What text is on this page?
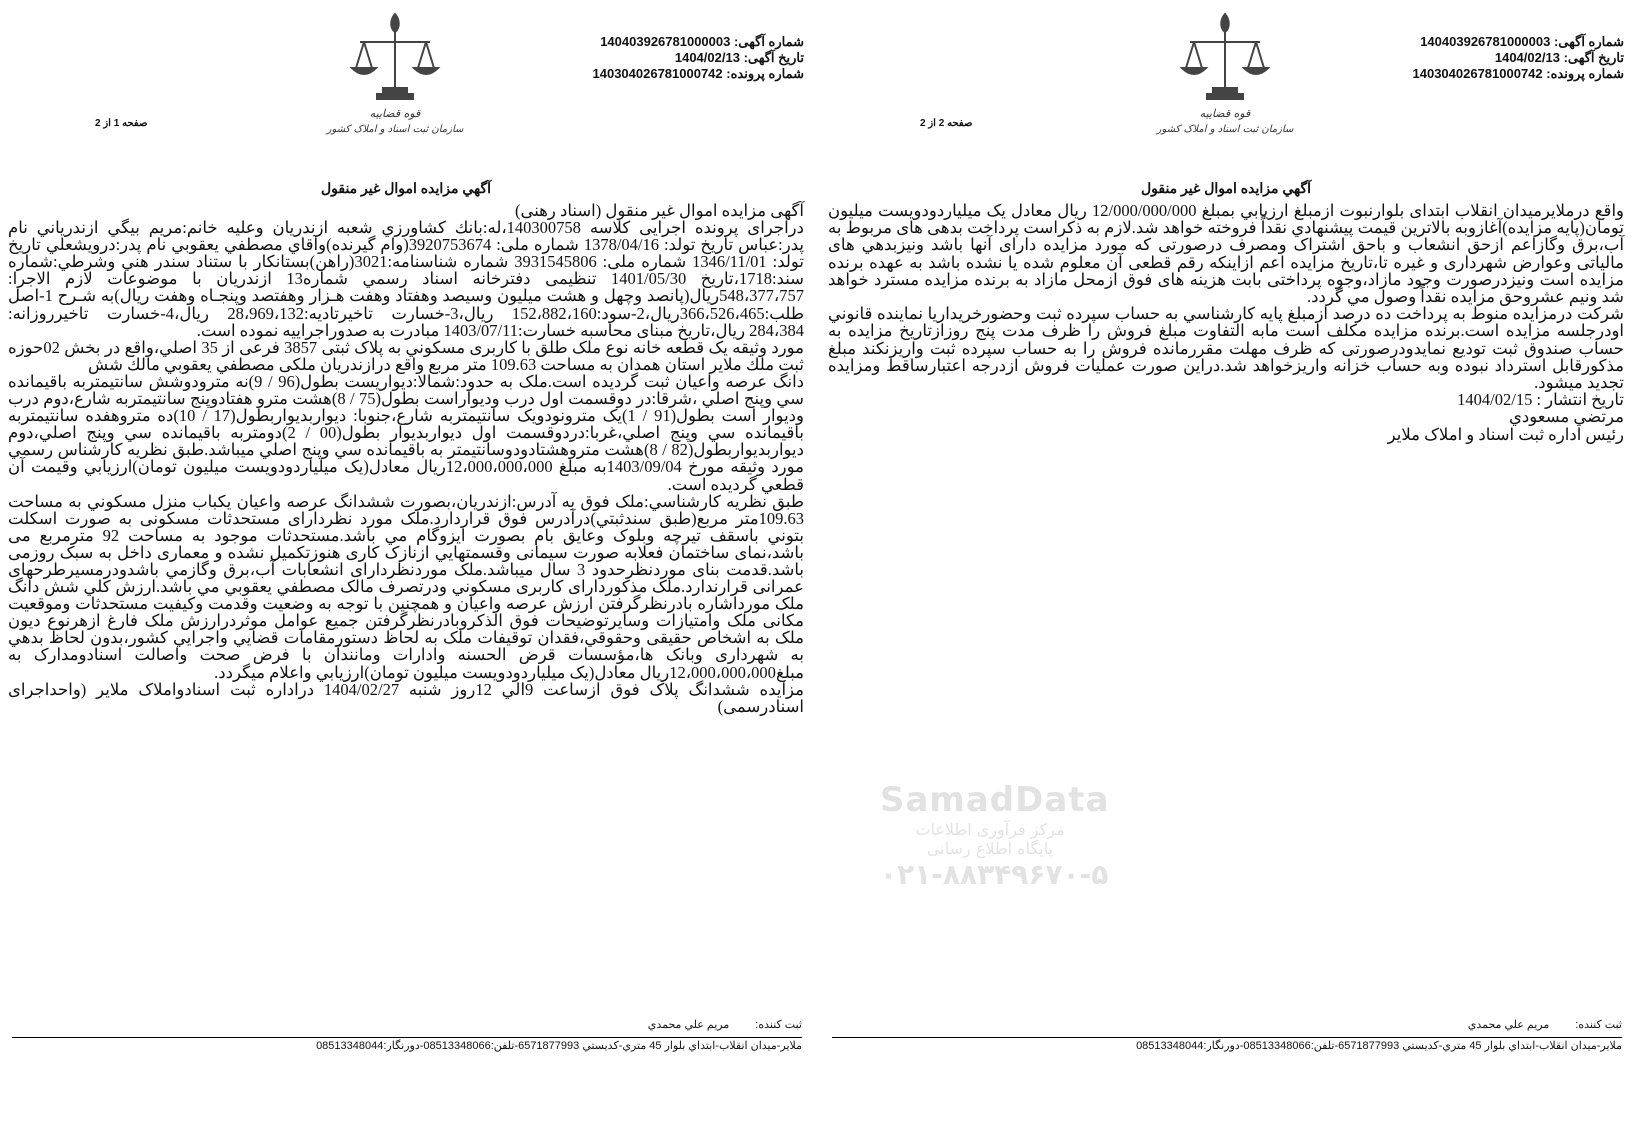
شماره آگهی: 140403926781000003
تاریخ آگهی: 1404/02/13
شماره پرونده: 140304026781000742
قوه قضاییه
سازمان ثبت اسناد و املاک کشور
صفحه 1 از 2
آگهي مزايده اموال غير منقول

آگهی مزایده اموال غیر منقول (اسناد رهنی)

دراجرای پرونده اجرایی کلاسه 140300758،له:بانك كشاورزي شعبه ازندريان وعليه خانم:مريم بيگي ازندرياني نام پدر:عباس تاريخ تولد: 1378/04/16 شماره ملی: 3920753674(وام گيرنده)وآقاي مصطفي يعقوبي نام پدر:درويشعلي تاريخ تولد: 1346/11/01 شماره ملی: 3931545806 شماره شناسنامه:3021(راهن)بستانكار با ستناد سندر هني وشرطي:شماره سند:1718،تاريخ 1401/05/30 تنظيمی دفترخانه اسناد رسمي شماره13 ازندريان با موضوعات لازم الاجرا: 548،377،757ريال(پانصد وچهل و هشت ميليون وسيصد وهفتاد وهفت هـزار وهفتصد وپنجـاه وهفت ريال)به شـرح 1-اصل طلب:366،526،465ريال،2-سود:152،882،160 ريال،3-خسارت تاخيرتاديه:28،969،132 ريال،4-خسارت تاخيرروزانه: 284،384 ريال،تاريخ مبنای محاسبه خسارت:1403/07/11 مبادرت به صدوراجراييه نموده است.

مورد وثيقه يک قطعه خانه نوع ملک طلق با کاربری مسکوني به پلاک ثبتی 3857 فرعی از 35 اصلي،واقع در بخش 02حوزه ثبت ملك ملاير استان همدان به مساحت 109.63 متر مربع واقع درازندريان ملكی مصطفي يعقوبي مالك شش

دانگ عرصه واعيان ثبت گرديده است.ملک به حدود:شمالا:ديواريست بطول(96 / 9)نه مترودوشش سانتيمتربه باقيمانده سي وپنج اصلي ،شرقا:در دوقسمت اول درب وديواراست بطول(75 / 8)هشت مترو هفتادوپنج سانتيمتربه شارع،دوم درب وديوار است بطول(91 / 1)يک مترونودويک سانتيمتربه شارع،جنوبا: ديواربديواربطول(17 / 10)ده متروهفده سانتيمتربه باقيمانده سي وپنج اصلي،غربا:دردوقسمت اول ديواربديوار بطول(00 / 2)دومتربه باقيمانده سي وپنج اصلي،دوم ديواربديواربطول(82 / 8)هشت متروهشتادودوسانتيمتر به باقيمانده سي وپنج اصلي ميباشد.طبق نظريه كارشناس رسمي مورد وثيقه مورخ 1403/09/04به مبلغ 12،000،000،000ريال معادل(يک ميلياردودويست ميليون تومان)ارزيابي وقيمت آن قطعي گرديده است.

طبق نظريه كارشناسي:ملک فوق به آدرس:ازندريان،بصورت ششدانگ عرصه واعيان يكباب منزل مسكوني به مساحت 109.63متر مربع(طبق سندثبتي)درآدرس فوق قراردارد.ملک مورد نظردارای مستحدثات مسکونی به صورت اسكلت بتوني باسقف تيرچه وبلوک وعايق بام بصورت ايزوگام مي باشد.مستحدثات موجود به مساحت 92 مترمربع می باشد،نمای ساختمان فعلابه صورت سيمانی وقسمتهايي ازنازک کاری هنوزتکميل نشده و معماری داخل به سبک روزمی باشد.قدمت بنای موردنظرحدود 3 سال ميباشد.ملک موردنظردارای انشعابات آب،برق وگازمي باشدودرمسيرطرحهای عمرانی قرارندارد.ملک مذكوردارای كاربری مسكوني ودرتصرف مالک مصطفي يعقوبي مي باشد.ارزش كلي شش دانگ ملک مورداشاره بادرنظرگرفتن ارزش عرصه واعيان و همچنين با توجه به وضعيت وقدمت وكيفيت مستحدثات وموقعيت مكانی ملک وامتيازات وسايرتوضيحات فوق الذكروبادرنظرگرفتن جميع عوامل موثردرارزش ملک فارغ ازهرنوع ديون ملک به اشخاص حقيقی وحقوقي،فقدان توقيفات ملک به لحاظ دستورمقامات قضايي واجرايي كشور،بدون لحاظ بدهي به شهرداری وبانک ها،مؤسسات قرض الحسنه وادارات ومانندآن با فرض صحت واصالت اسنادومدارک به مبلغ12،000،000،000ريال معادل(یک ميلياردودويست ميليون تومان)ارزيابي واعلام ميگردد.

مزايده ششدانگ پلاک فوق ازساعت 9الي 12روز شنبه 1404/02/27 دراداره ثبت اسنادواملاک ملاير (واحداجرای اسنادرسمی)

ثبت کننده:
مريم علي محمدي
ملاير-ميدان انقلاب-ابتداي بلوار 45 متري-كديستي 6571877993-تلفن:08513348066-دورنگار:08513348044
شماره آگهی: 140403926781000003
تاریخ آگهی: 1404/02/13
شماره پرونده: 140304026781000742
قوه قضاییه
سازمان ثبت اسناد و املاک کشور
صفحه 2 از 2
آگهي مزايده اموال غير منقول

واقع درملايرميدان انقلاب ابتدای بلوارنبوت ازمبلغ ارزيابي بمبلغ 12/000/000/000 ريال معادل يک ميلياردودويست ميليون تومان(پايه مزايده)آغازوبه بالاترين قيمت پيشنهادي نقداً فروخته خواهد شد.لازم به ذكراست پرداخت بدهی های مربوط به آب،برق وگازاعم ازحق انشعاب و باحق اشتراک ومصرف درصورتی که مورد مزایده دارای آنها باشد ونيزبدهي های مالياتی وعوارض شهرداری و غیره تا،تاريخ مزايده اعم ازاينكه رقم قطعی آن معلوم شده يا نشده باشد به عهده برنده مزايده است ونيزدرصورت وجود مازاد،وجوه پرداختی بابت هزینه های فوق ازمحل مازاد به برنده مزايده مسترد خواهد شد ونيم عشروحق مزايده نقداً وصول مي گردد.

شرکت درمزايده منوط به پرداخت ده درصد ازمبلغ پايه كارشناسي به حساب سپرده ثبت وحضورخريداريا نماينده قانوني اودرجلسه مزايده است.برنده مزايده مكلف است مابه التفاوت مبلغ فروش را ظرف مدت پنج روزازتاريخ مزايده به حساب صندوق ثبت توديع نمايدودرصورتی كه ظرف مهلت مقررمانده فروش را به حساب سپرده ثبت واريزنكند مبلغ مذكورقابل استرداد نبوده وبه حساب خزانه واريزخواهد شد.دراین صورت عمليات فروش ازدرجه اعتبارساقط ومزايده تجديد ميشود.

تاريخ انتشار : 1404/02/15

مرتضي مسعودي

رئيس اداره ثبت اسناد و املاک ملاير

ثبت کننده:
مريم علي محمدي
ملاير-ميدان انقلاب-ابتداي بلوار 45 متري-كديستي 6571877993-تلفن:08513348066-دورنگار:08513348044
SamadData
مرکز فرآوری اطلاعات
پایگاه اطلاع رسانی
۰۲۱-۸۸۳۴۹۶۷۰-۵
